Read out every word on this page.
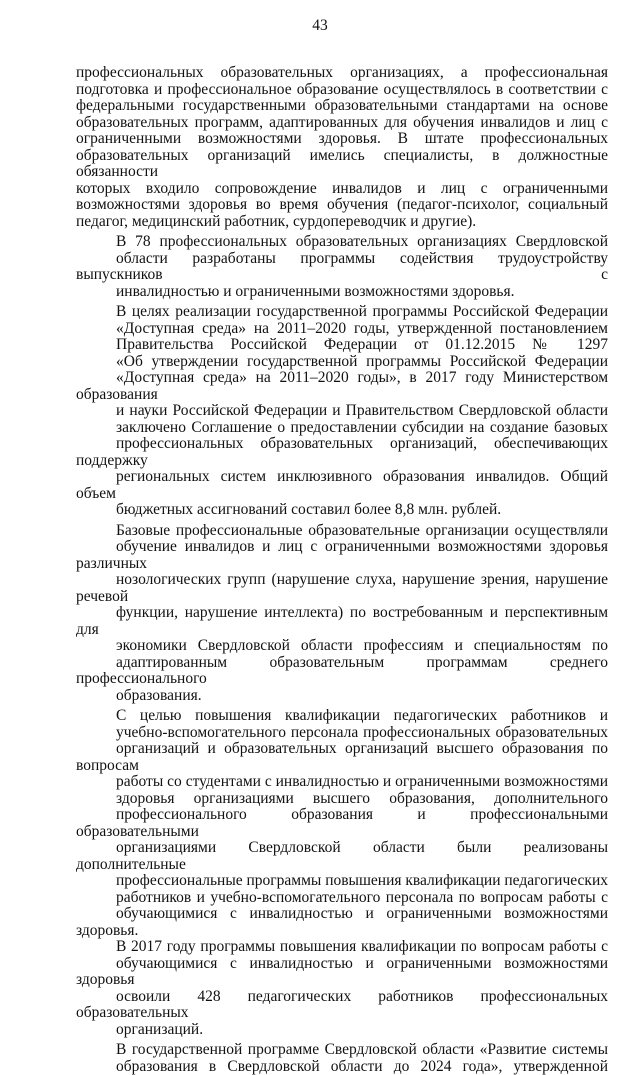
43
профессиональных образовательных организациях, а профессиональная
подготовка и профессиональное образование осуществлялось в соответствии с
федеральными государственными образовательными стандартами на основе
образовательных программ, адаптированных для обучения инвалидов и лиц с
ограниченными возможностями здоровья. В штате профессиональных
образовательных организаций имелись специалисты, в должностные обязанности
которых входило сопровождение инвалидов и лиц с ограниченными
возможностями здоровья во время обучения (педагог-психолог, социальный
педагог, медицинский работник, сурдопереводчик и другие).
В 78 профессиональных образовательных организациях Свердловской
области разработаны программы содействия трудоустройству выпускников с
инвалидностью и ограниченными возможностями здоровья.
В целях реализации государственной программы Российской Федерации
«Доступная среда» на 2011–2020 годы, утвержденной постановлением
Правительства Российской Федерации от 01.12.2015 № 1297
«Об утверждении государственной программы Российской Федерации
«Доступная среда» на 2011–2020 годы», в 2017 году Министерством образования
и науки Российской Федерации и Правительством Свердловской области
заключено Соглашение о предоставлении субсидии на создание базовых
профессиональных образовательных организаций, обеспечивающих поддержку
региональных систем инклюзивного образования инвалидов. Общий объем
бюджетных ассигнований составил более 8,8 млн. рублей.
Базовые профессиональные образовательные организации осуществляли
обучение инвалидов и лиц с ограниченными возможностями здоровья различных
нозологических групп (нарушение слуха, нарушение зрения, нарушение речевой
функции, нарушение интеллекта) по востребованным и перспективным для
экономики Свердловской области профессиям и специальностям по
адаптированным образовательным программам среднего профессионального
образования.
С целью повышения квалификации педагогических работников и
учебно-вспомогательного персонала профессиональных образовательных
организаций и образовательных организаций высшего образования по вопросам
работы со студентами с инвалидностью и ограниченными возможностями
здоровья организациями высшего образования, дополнительного
профессионального образования и профессиональными образовательными
организациями Свердловской области были реализованы дополнительные
профессиональные программы повышения квалификации педагогических
работников и учебно-вспомогательного персонала по вопросам работы с
обучающимися с инвалидностью и ограниченными возможностями здоровья.
В 2017 году программы повышения квалификации по вопросам работы с
обучающимися с инвалидностью и ограниченными возможностями здоровья
освоили 428 педагогических работников профессиональных образовательных
организаций.
В государственной программе Свердловской области «Развитие системы
образования в Свердловской области до 2024 года», утвержденной
